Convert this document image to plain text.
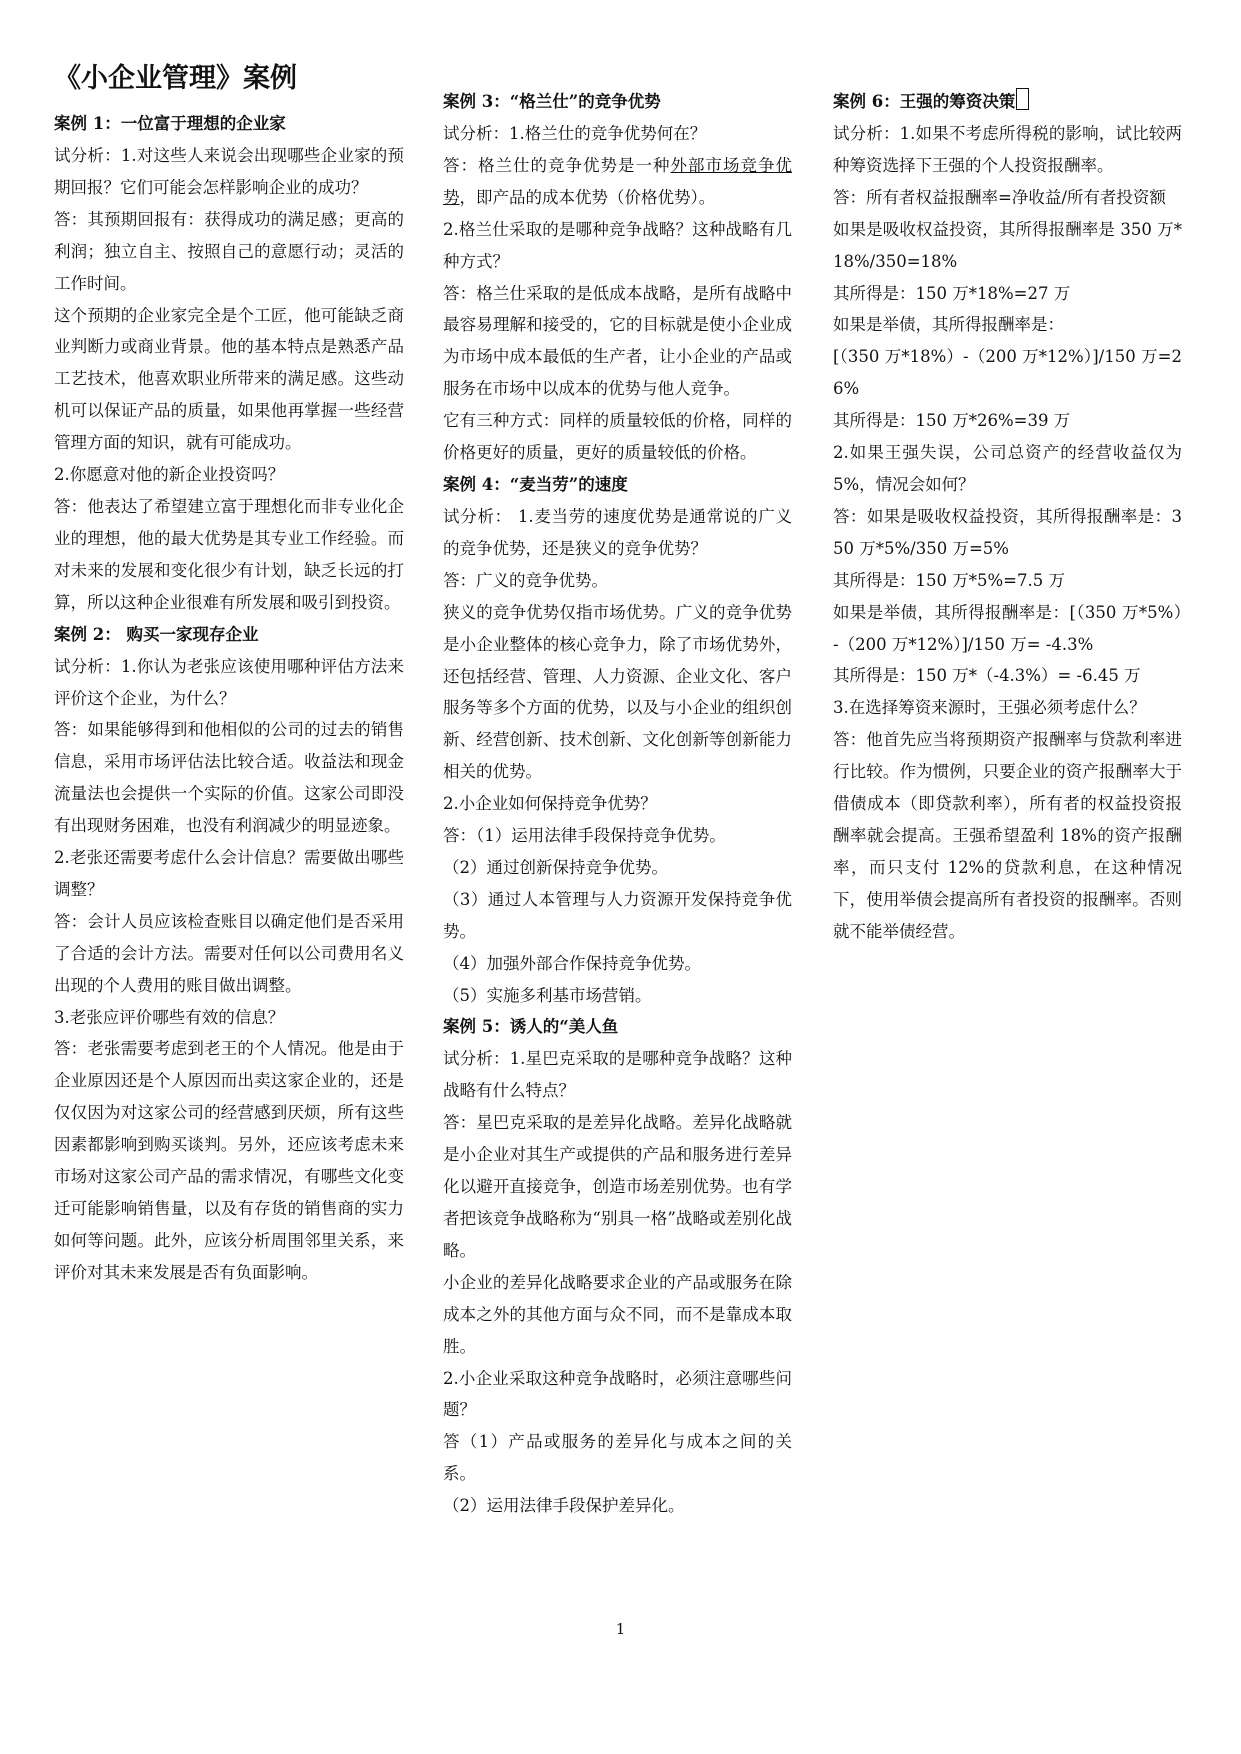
《小企业管理》案例
案例 1：一位富于理想的企业家
试分析：1.对这些人来说会出现哪些企业家的预期回报？它们可能会怎样影响企业的成功？
答：其预期回报有：获得成功的满足感；更高的利润；独立自主、按照自己的意愿行动；灵活的工作时间。
这个预期的企业家完全是个工匠，他可能缺乏商业判断力或商业背景。他的基本特点是熟悉产品工艺技术，他喜欢职业所带来的满足感。这些动机可以保证产品的质量，如果他再掌握一些经营管理方面的知识，就有可能成功。
2.你愿意对他的新企业投资吗？
答：他表达了希望建立富于理想化而非专业化企业的理想，他的最大优势是其专业工作经验。而对未来的发展和变化很少有计划，缺乏长远的打算，所以这种企业很难有所发展和吸引到投资。
案例 2： 购买一家现存企业
试分析：1.你认为老张应该使用哪种评估方法来评价这个企业，为什么？
答：如果能够得到和他相似的公司的过去的销售信息，采用市场评估法比较合适。收益法和现金流量法也会提供一个实际的价值。这家公司即没有出现财务困难，也没有利润减少的明显迹象。
2.老张还需要考虑什么会计信息？需要做出哪些调整？
答：会计人员应该检查账目以确定他们是否采用了合适的会计方法。需要对任何以公司费用名义出现的个人费用的账目做出调整。
3.老张应评价哪些有效的信息？
答：老张需要考虑到老王的个人情况。他是由于企业原因还是个人原因而出卖这家企业的，还是仅仅因为对这家公司的经营感到厌烦，所有这些因素都影响到购买谈判。另外，还应该考虑未来市场对这家公司产品的需求情况，有哪些文化变迁可能影响销售量，以及有存货的销售商的实力如何等问题。此外，应该分析周围邻里关系，来评价对其未来发展是否有负面影响。
案例 3：“格兰仕”的竞争优势
试分析：1.格兰仕的竞争优势何在？
答：格兰仕的竞争优势是一种外部市场竞争优势，即产品的成本优势（价格优势）。
2.格兰仕采取的是哪种竞争战略？这种战略有几种方式？
答：格兰仕采取的是低成本战略，是所有战略中最容易理解和接受的，它的目标就是使小企业成为市场中成本最低的生产者，让小企业的产品或服务在市场中以成本的优势与他人竞争。
它有三种方式：同样的质量较低的价格，同样的价格更好的质量，更好的质量较低的价格。
案例 4：“麦当劳”的速度
试分析： 1.麦当劳的速度优势是通常说的广义的竞争优势，还是狭义的竞争优势？
答：广义的竞争优势。
狭义的竞争优势仅指市场优势。广义的竞争优势是小企业整体的核心竞争力，除了市场优势外，还包括经营、管理、人力资源、企业文化、客户服务等多个方面的优势，以及与小企业的组织创新、经营创新、技术创新、文化创新等创新能力相关的优势。
2.小企业如何保持竞争优势？
答：（1）运用法律手段保持竞争优势。
（2）通过创新保持竞争优势。
（3）通过人本管理与人力资源开发保持竞争优势。
（4）加强外部合作保持竞争优势。
（5）实施多利基市场营销。
案例 5：诱人的“美人鱼
试分析：1.星巴克采取的是哪种竞争战略？这种战略有什么特点？
答：星巴克采取的是差异化战略。差异化战略就是小企业对其生产或提供的产品和服务进行差异化以避开直接竞争，创造市场差别优势。也有学者把该竞争战略称为“别具一格”战略或差别化战略。
小企业的差异化战略要求企业的产品或服务在除成本之外的其他方面与众不同，而不是靠成本取胜。
2.小企业采取这种竞争战略时，必须注意哪些问题？
答（1）产品或服务的差异化与成本之间的关系。
（2）运用法律手段保护差异化。
案例 6：王强的筹资决策
试分析：1.如果不考虑所得税的影响，试比较两种筹资选择下王强的个人投资报酬率。
答：所有者权益报酬率=净收益/所有者投资额
如果是吸收权益投资，其所得报酬率是 350 万*18%/350=18%
其所得是：150 万*18%=27 万
如果是举债，其所得报酬率是：
[（350 万*18%）-（200 万*12%）]/150 万=26%
其所得是：150 万*26%=39 万
2.如果王强失误，公司总资产的经营收益仅为 5%，情况会如何？
答：如果是吸收权益投资，其所得报酬率是：350 万*5%/350 万=5%
其所得是：150 万*5%=7.5 万
如果是举债，其所得报酬率是：[（350 万*5%）-（200 万*12%）]/150 万= -4.3%
其所得是：150 万*（-4.3%）= -6.45 万
3.在选择筹资来源时，王强必须考虑什么？
答：他首先应当将预期资产报酬率与贷款利率进行比较。作为惯例，只要企业的资产报酬率大于借债成本（即贷款利率），所有者的权益投资报酬率就会提高。王强希望盈利 18%的资产报酬率，而只支付 12%的贷款利息，在这种情况下，使用举债会提高所有者投资的报酬率。否则就不能举债经营。
1
